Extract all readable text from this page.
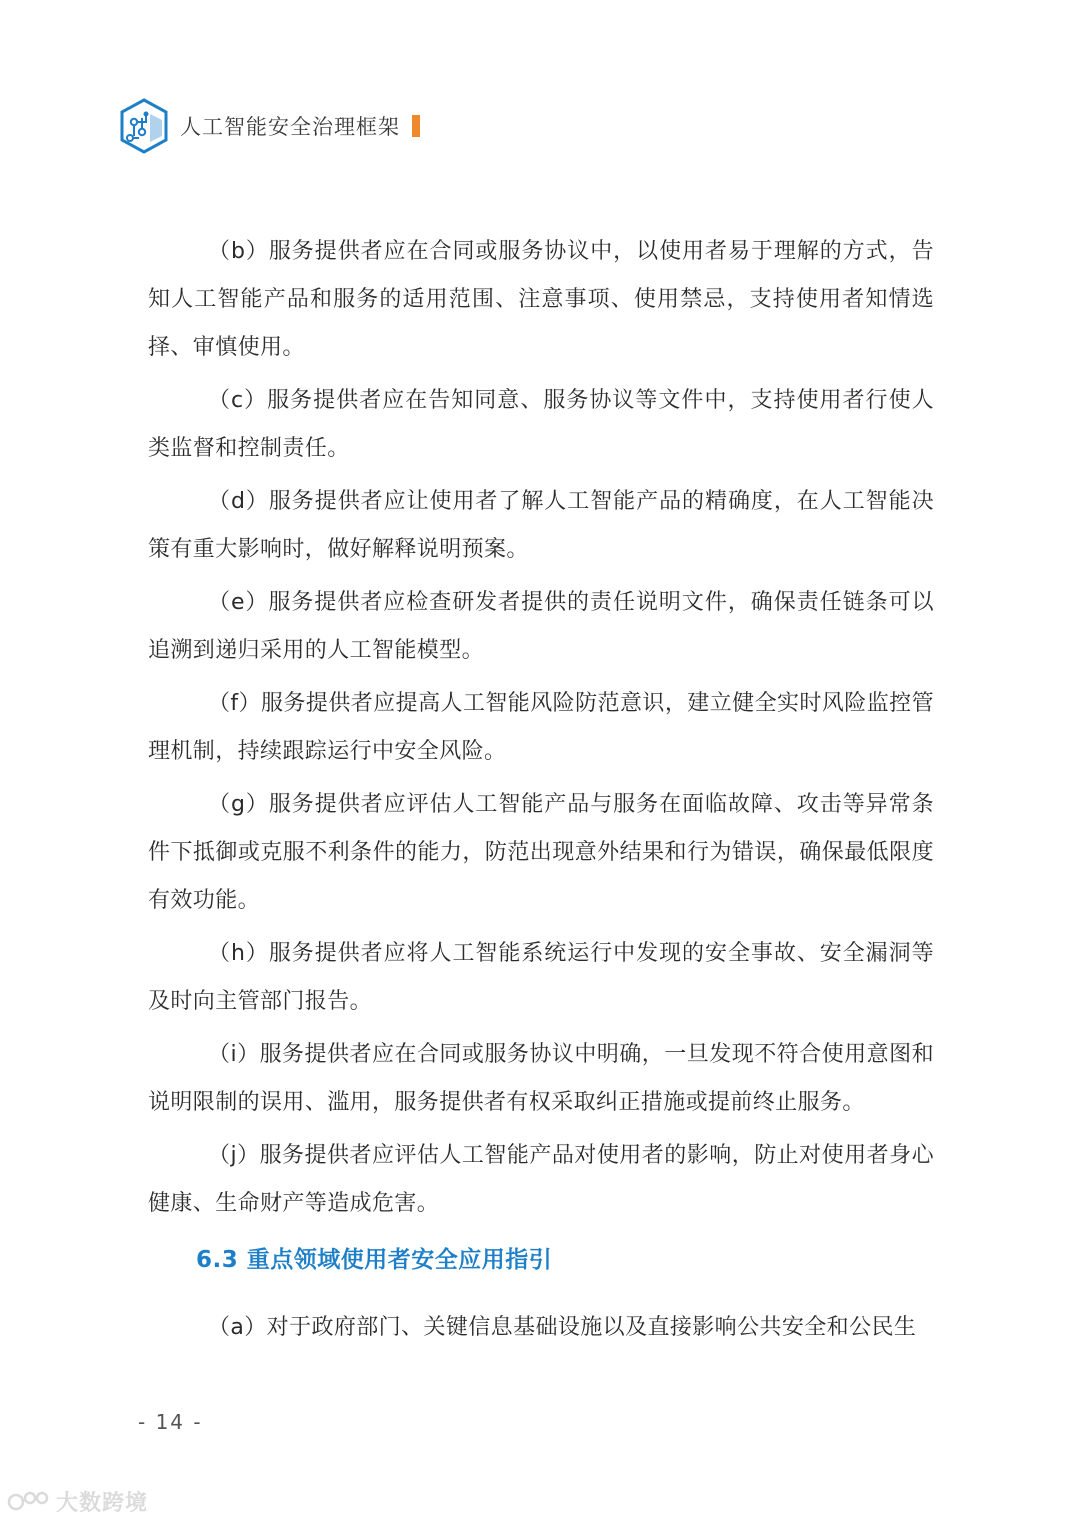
人工智能安全治理框架

（b）服务提供者应在合同或服务协议中，以使用者易于理解的方式，告知人工智能产品和服务的适用范围、注意事项、使用禁忌，支持使用者知情选择、审慎使用。

（c）服务提供者应在告知同意、服务协议等文件中，支持使用者行使人类监督和控制责任。

（d）服务提供者应让使用者了解人工智能产品的精确度，在人工智能决策有重大影响时，做好解释说明预案。

（e）服务提供者应检查研发者提供的责任说明文件，确保责任链条可以追溯到递归采用的人工智能模型。

（f）服务提供者应提高人工智能风险防范意识，建立健全实时风险监控管理机制，持续跟踪运行中安全风险。

（g）服务提供者应评估人工智能产品与服务在面临故障、攻击等异常条件下抵御或克服不利条件的能力，防范出现意外结果和行为错误，确保最低限度有效功能。

（h）服务提供者应将人工智能系统运行中发现的安全事故、安全漏洞等及时向主管部门报告。

（i）服务提供者应在合同或服务协议中明确，一旦发现不符合使用意图和说明限制的误用、滥用，服务提供者有权采取纠正措施或提前终止服务。

（j）服务提供者应评估人工智能产品对使用者的影响，防止对使用者身心健康、生命财产等造成危害。

6.3 重点领域使用者安全应用指引

（a）对于政府部门、关键信息基础设施以及直接影响公共安全和公民生

- 14 -
大数跨境
